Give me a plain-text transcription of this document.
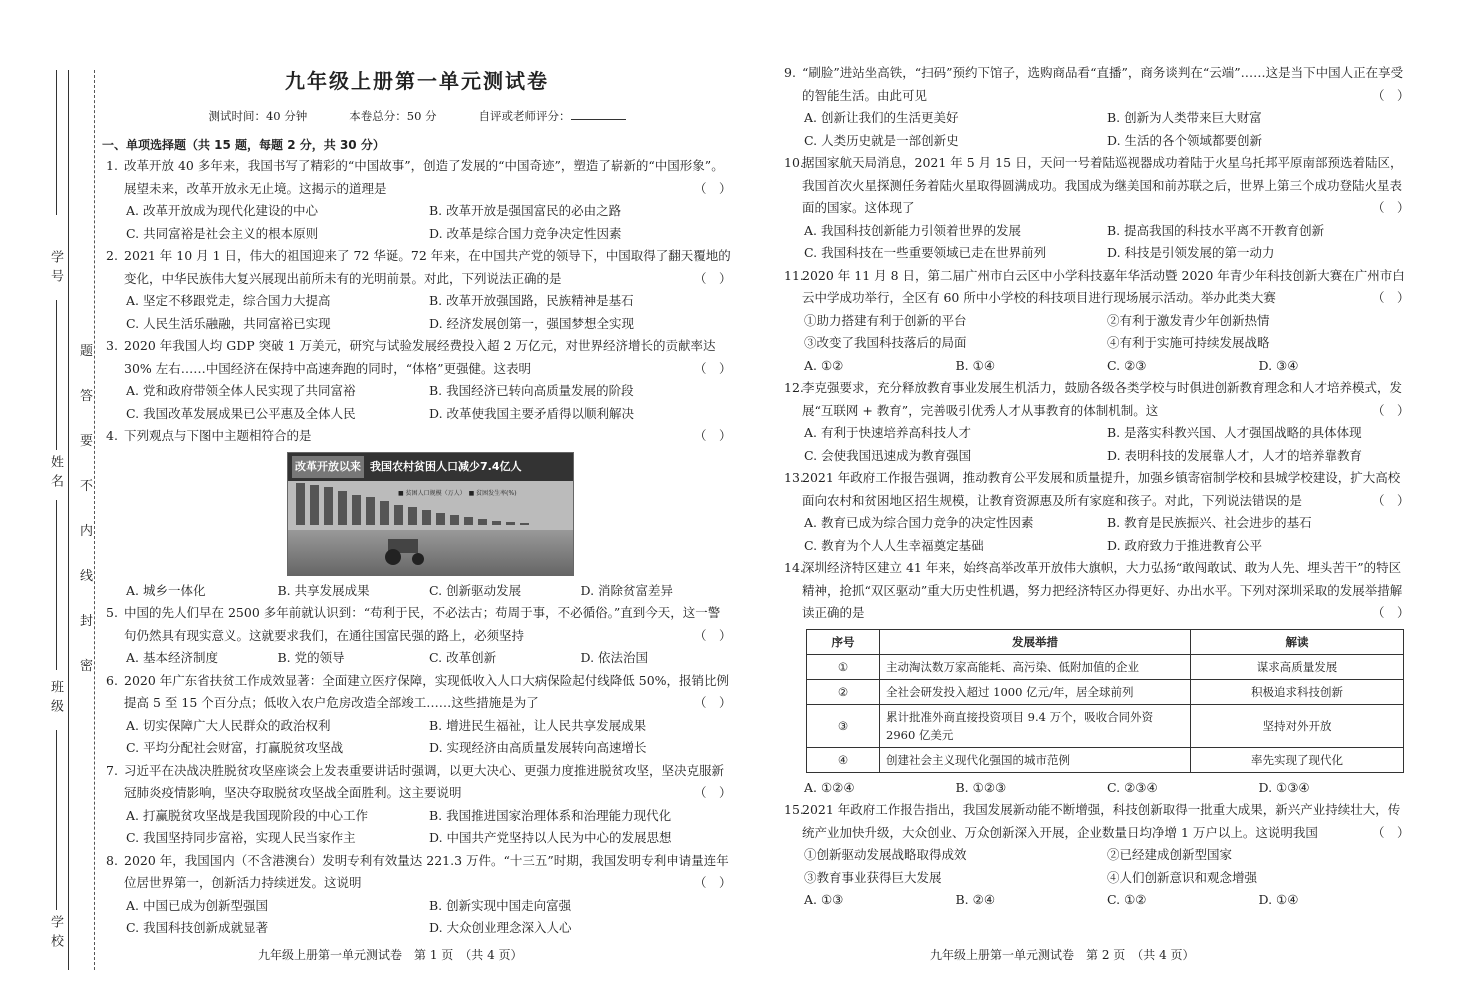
学号
姓名
班级
学校
题
答
要
不
内
线
封
密
九年级上册第一单元测试卷
测试时间：40 分钟	本卷总分：50 分	自评或老师评分：
一、单项选择题（共 15 题，每题 2 分，共 30 分）
1. 改革开放 40 多年来，我国书写了精彩的“中国故事”，创造了发展的“中国奇迹”，塑造了崭新的“中国形象”。展望未来，改革开放永无止境。这揭示的道理是	（　）
A. 改革开放成为现代化建设的中心	B. 改革开放是强国富民的必由之路
C. 共同富裕是社会主义的根本原则	D. 改革是综合国力竞争决定性因素
2. 2021 年 10 月 1 日，伟大的祖国迎来了 72 华诞。72 年来，在中国共产党的领导下，中国取得了翻天覆地的变化，中华民族伟大复兴展现出前所未有的光明前景。对此，下列说法正确的是	（　）
A. 坚定不移跟党走，综合国力大提高	B. 改革开放强国路，民族精神是基石
C. 人民生活乐融融，共同富裕已实现	D. 经济发展创第一，强国梦想全实现
3. 2020 年我国人均 GDP 突破 1 万美元，研究与试验发展经费投入超 2 万亿元，对世界经济增长的贡献率达 30% 左右……中国经济在保持中高速奔跑的同时，“体格”更强健。这表明	（　）
A. 党和政府带领全体人民实现了共同富裕	B. 我国经济已转向高质量发展的阶段
C. 我国改革发展成果已公平惠及全体人民	D. 改革使我国主要矛盾得以顺利解决
4. 下列观点与下图中主题相符合的是	（　）
改革开放以来 我国农村贫困人口减少7.4亿人
■ 贫困人口规模（万人）　■ 贫困发生率(%)
A. 城乡一体化	B. 共享发展成果	C. 创新驱动发展	D. 消除贫富差异
5. 中国的先人们早在 2500 多年前就认识到：“苟利于民，不必法古；苟周于事，不必循俗。”直到今天，这一警句仍然具有现实意义。这就要求我们，在通往国富民强的路上，必须坚持	（　）
A. 基本经济制度	B. 党的领导	C. 改革创新	D. 依法治国
6. 2020 年广东省扶贫工作成效显著：全面建立医疗保障，实现低收入人口大病保险起付线降低 50%，报销比例提高 5 至 15 个百分点；低收入农户危房改造全部竣工……这些措施是为了	（　）
A. 切实保障广大人民群众的政治权利	B. 增进民生福祉，让人民共享发展成果
C. 平均分配社会财富，打赢脱贫攻坚战	D. 实现经济由高质量发展转向高速增长
7. 习近平在决战决胜脱贫攻坚座谈会上发表重要讲话时强调，以更大决心、更强力度推进脱贫攻坚，坚决克服新冠肺炎疫情影响，坚决夺取脱贫攻坚战全面胜利。这主要说明	（　）
A. 打赢脱贫攻坚战是我国现阶段的中心工作	B. 我国推进国家治理体系和治理能力现代化
C. 我国坚持同步富裕，实现人民当家作主	D. 中国共产党坚持以人民为中心的发展思想
8. 2020 年，我国国内（不含港澳台）发明专利有效量达 221.3 万件。“十三五”时期，我国发明专利申请量连年位居世界第一，创新活力持续迸发。这说明	（　）
A. 中国已成为创新型强国	B. 创新实现中国走向富强
C. 我国科技创新成就显著	D. 大众创业理念深入人心
9. “刷脸”进站坐高铁，“扫码”预约下馆子，选购商品看“直播”，商务谈判在“云端”……这是当下中国人正在享受的智能生活。由此可见	（　）
A. 创新让我们的生活更美好	B. 创新为人类带来巨大财富
C. 人类历史就是一部创新史	D. 生活的各个领域都要创新
10.
据国家航天局消息，2021 年 5 月 15 日，天问一号着陆巡视器成功着陆于火星乌托邦平原南部预选着陆区，我国首次火星探测任务着陆火星取得圆满成功。我国成为继美国和前苏联之后，世界上第三个成功登陆火星表面的国家。这体现了	（　）
A. 我国科技创新能力引领着世界的发展	B. 提高我国的科技水平离不开教育创新
C. 我国科技在一些重要领域已走在世界前列	D. 科技是引领发展的第一动力
11.
2020 年 11 月 8 日，第二届广州市白云区中小学科技嘉年华活动暨 2020 年青少年科技创新大赛在广州市白云中学成功举行，全区有 60 所中小学校的科技项目进行现场展示活动。举办此类大赛	（　）
①助力搭建有利于创新的平台	②有利于激发青少年创新热情
③改变了我国科技落后的局面	④有利于实施可持续发展战略
A. ①②	B. ①④	C. ②③	D. ③④
12.
李克强要求，充分释放教育事业发展生机活力，鼓励各级各类学校与时俱进创新教育理念和人才培养模式，发展“互联网 + 教育”，完善吸引优秀人才从事教育的体制机制。这	（　）
A. 有利于快速培养高科技人才	B. 是落实科教兴国、人才强国战略的具体体现
C. 会使我国迅速成为教育强国	D. 表明科技的发展靠人才，人才的培养靠教育
13.
2021 年政府工作报告强调，推动教育公平发展和质量提升，加强乡镇寄宿制学校和县城学校建设，扩大高校面向农村和贫困地区招生规模，让教育资源惠及所有家庭和孩子。对此，下列说法错误的是	（　）
A. 教育已成为综合国力竞争的决定性因素	B. 教育是民族振兴、社会进步的基石
C. 教育为个人人生幸福奠定基础	D. 政府致力于推进教育公平
14.
深圳经济特区建立 41 年来，始终高举改革开放伟大旗帜，大力弘扬“敢闯敢试、敢为人先、埋头苦干”的特区精神，抢抓“双区驱动”重大历史性机遇，努力把经济特区办得更好、办出水平。下列对深圳采取的发展举措解读正确的是	（　）
序号	发展举措	解读
①	主动淘汰数万家高能耗、高污染、低附加值的企业	谋求高质量发展
②	全社会研发投入超过 1000 亿元/年，居全球前列	积极追求科技创新
③	累计批准外商直接投资项目 9.4 万个，吸收合同外资 2960 亿美元	坚持对外开放
④	创建社会主义现代化强国的城市范例	率先实现了现代化
A. ①②④	B. ①②③	C. ②③④	D. ①③④
15.
2021 年政府工作报告指出，我国发展新动能不断增强，科技创新取得一批重大成果，新兴产业持续壮大，传统产业加快升级，大众创业、万众创新深入开展，企业数量日均净增 1 万户以上。这说明我国	（　）
①创新驱动发展战略取得成效	②已经建成创新型国家
③教育事业获得巨大发展	④人们创新意识和观念增强
A. ①③	B. ②④	C. ①②	D. ①④
九年级上册第一单元测试卷　第 1 页　（共 4 页）	九年级上册第一单元测试卷　第 2 页　（共 4 页）
